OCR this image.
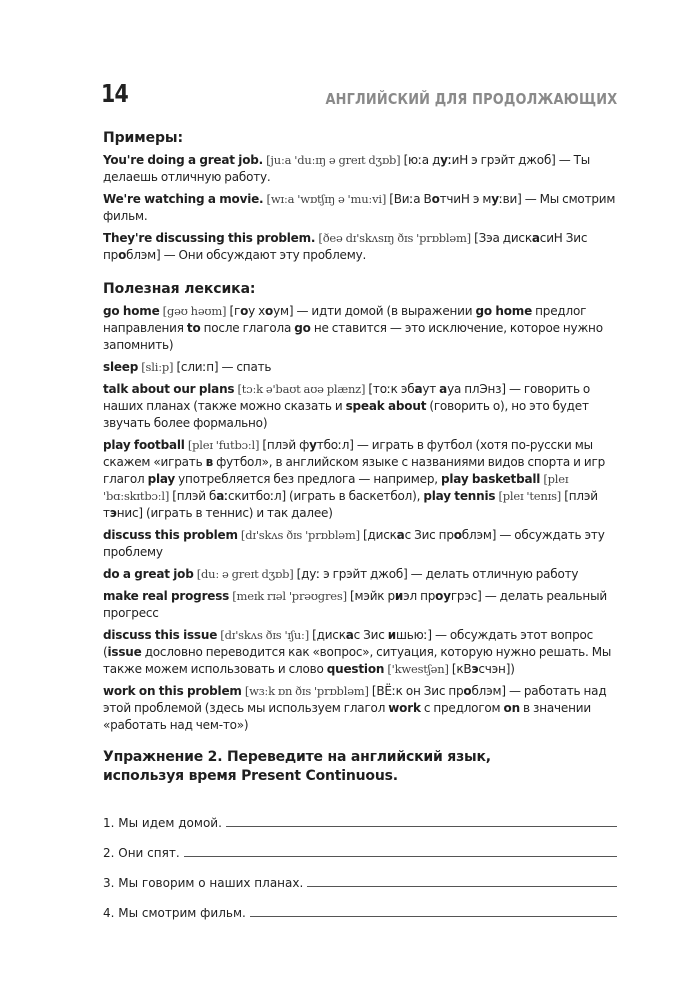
14	АНГЛИЙСКИЙ ДЛЯ ПРОДОЛЖАЮЩИХ
Примеры:

You're doing a great job. [juːa 'duːɪŋ ə greɪt dʒɒb] [юːа дуːиН э грэйт джоб] — Ты делаешь отличную работу.

We're watching a movie. [wɪːa 'wɒtʃɪŋ ə 'muːvi] [Виːа ВотчиН э муːви] — Мы смотрим фильм.

They're discussing this problem. [ðeə dɪ'skʌsɪŋ ðɪs 'prɒbləm] [Зэа дискасиН Зис проблэм] — Они обсуждают эту проблему.

Полезная лексика:

go home [gəʊ həʊm] [гоу хоум] — идти домой (в выражении go home предлог направления to после глагола go не ставится — это исключение, которое нужно запомнить)

sleep [sliːp] [слиːп] — спать

talk about our plans [tɔːk ə'baʊt aʊə plænz] [тоːк эбаут ауа плЭнз] — говорить о наших планах (также можно сказать и speak about (говорить о), но это будет звучать более формально)

play football [pleɪ 'futbɔːl] [плэй футбоːл] — играть в футбол (хотя по-русски мы скажем «играть в футбол», в английском языке с названиями видов спорта и игр глагол play употребляется без предлога — например, play basketball [pleɪ 'bɑːskɪtbɔːl] [плэй баːскитбоːл] (играть в баскетбол), play tennis [pleɪ 'tenɪs] [плэй тэнис] (играть в теннис) и так далее)

discuss this problem [dɪ'skʌs ðɪs 'prɒbləm] [дискас Зис проблэм] — обсуждать эту проблему

do a great job [duː ə greɪt dʒɒb] [дуː э грэйт джоб] — делать отличную работу

make real progress [meɪk rɪəl 'prəʊgres] [мэйк риэл проугрэс] — делать реальный прогресс

discuss this issue [dɪ'skʌs ðɪs 'ɪʃuː] [дискас Зис ишьюː] — обсуждать этот вопрос (issue дословно переводится как «вопрос», ситуация, которую нужно решать. Мы также можем использовать и слово question ['kwestʃən] [кВэсчэн])

work on this problem [wɜːk ɒn ðɪs 'prɒbləm] [ВЁːк он Зис проблэм] — работать над этой проблемой (здесь мы используем глагол work с предлогом on в значении «работать над чем-то»)

Упражнение 2. Переведите на английский язык,
используя время Present Continuous.
1. Мы идем домой.
2. Они спят.
3. Мы говорим о наших планах.
4. Мы смотрим фильм.
